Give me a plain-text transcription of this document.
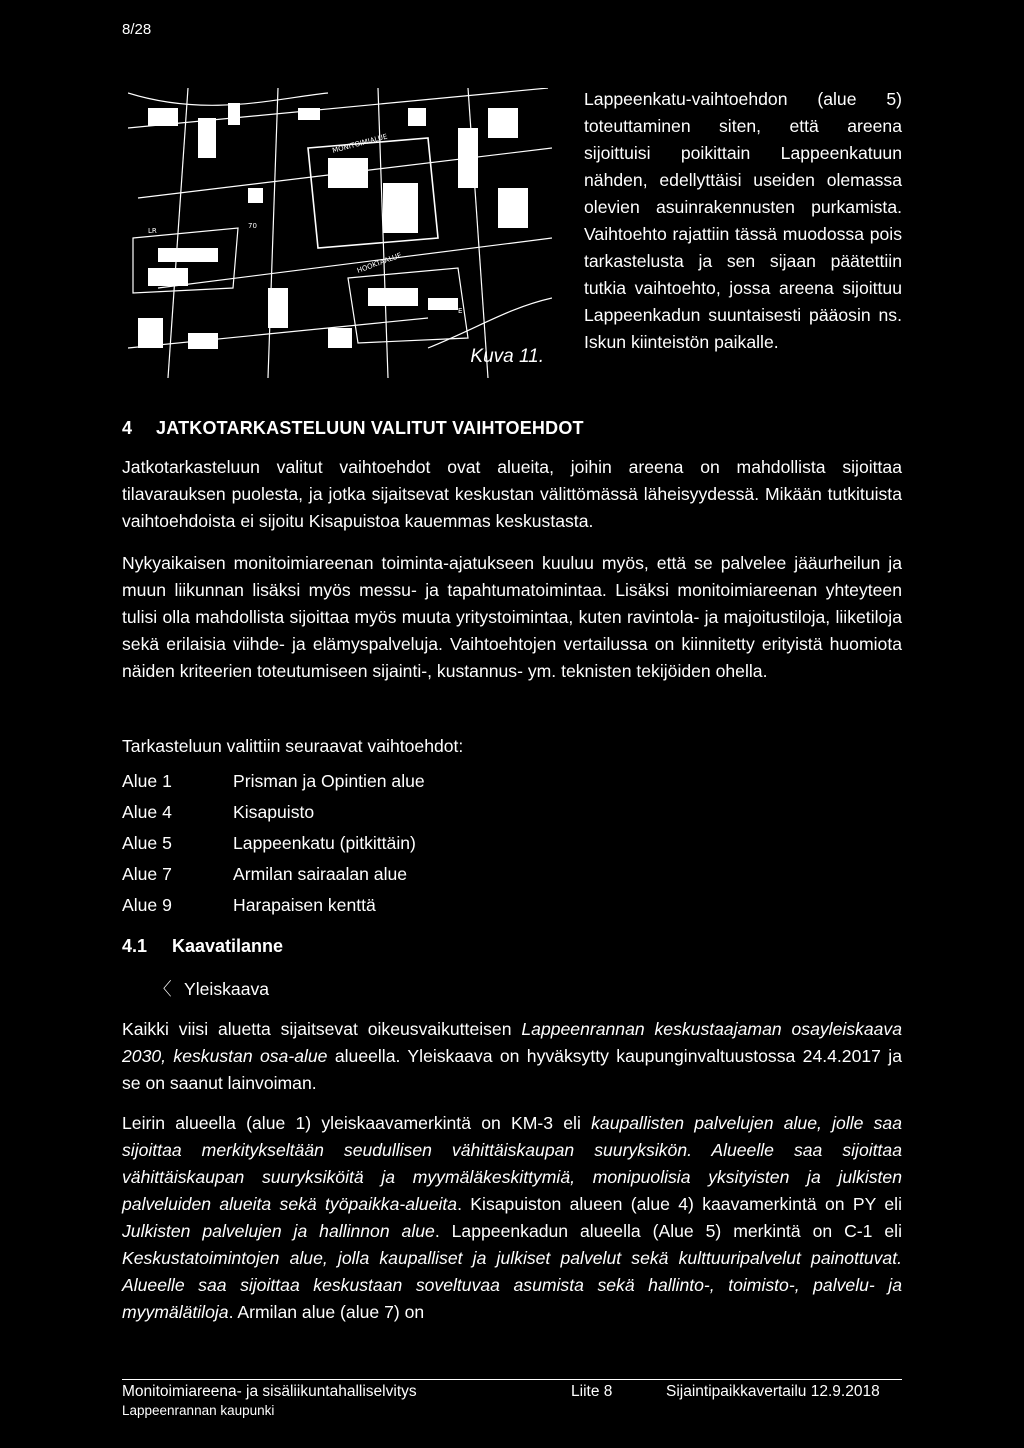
8/28
MONITOIMIALUE
HOOKTAALUE
70
LR
E
Kuva 11.
Lappeenkatu-vaihtoehdon (alue 5) toteuttaminen siten, että areena sijoittuisi poikittain Lappeenkatuun nähden, edellyttäisi useiden olemassa olevien asuinrakennusten purkamista. Vaihtoehto rajattiin tässä muodossa pois tarkastelusta ja sen sijaan päätettiin tutkia vaihtoehto, jossa areena sijoittuu Lappeenkadun suuntaisesti pääosin ns. Iskun kiinteistön paikalle.
4 JATKOTARKASTELUUN VALITUT VAIHTOEHDOT
Jatkotarkasteluun valitut vaihtoehdot ovat alueita, joihin areena on mahdollista sijoittaa tilavarauksen puolesta, ja jotka sijaitsevat keskustan välittömässä läheisyydessä. Mikään tutkituista vaihtoehdoista ei sijoitu Kisapuistoa kauemmas keskustasta.
Nykyaikaisen monitoimiareenan toiminta-ajatukseen kuuluu myös, että se palvelee jääurheilun ja muun liikunnan lisäksi myös messu- ja tapahtumatoimintaa. Lisäksi monitoimiareenan yhteyteen tulisi olla mahdollista sijoittaa myös muuta yritystoimintaa, kuten ravintola- ja majoitustiloja, liiketiloja sekä erilaisia viihde- ja elämyspalveluja. Vaihtoehtojen vertailussa on kiinnitetty erityistä huomiota näiden kriteerien toteutumiseen sijainti-, kustannus- ym. teknisten tekijöiden ohella.
Tarkasteluun valittiin seuraavat vaihtoehdot:
Alue 1	Prisman ja Opintien alue
Alue 4	Kisapuisto
Alue 5	Lappeenkatu (pitkittäin)
Alue 7	Armilan sairaalan alue
Alue 9	Harapaisen kenttä
4.1 Kaavatilanne
〈 Yleiskaava
Kaikki viisi aluetta sijaitsevat oikeusvaikutteisen Lappeenrannan keskustaajaman osayleiskaava 2030, keskustan osa-alue alueella. Yleiskaava on hyväksytty kaupunginvaltuustossa 24.4.2017 ja se on saanut lainvoiman.
Leirin alueella (alue 1) yleiskaavamerkintä on KM-3 eli kaupallisten palvelujen alue, jolle saa sijoittaa merkitykseltään seudullisen vähittäiskaupan suuryksikön. Alueelle saa sijoittaa vähittäiskaupan suuryksiköitä ja myymäläkeskittymiä, monipuolisia yksityisten ja julkisten palveluiden alueita sekä työpaikka-alueita. Kisapuiston alueen (alue 4) kaavamerkintä on PY eli Julkisten palvelujen ja hallinnon alue. Lappeenkadun alueella (Alue 5) merkintä on C-1 eli Keskustatoimintojen alue, jolla kaupalliset ja julkiset palvelut sekä kulttuuripalvelut painottuvat. Alueelle saa sijoittaa keskustaan soveltuvaa asumista sekä hallinto-, toimisto-, palvelu- ja myymälätiloja. Armilan alue (alue 7) on
Monitoimiareena- ja sisäliikuntahalliselvitys	Liite 8	Sijaintipaikkavertailu 12.9.2018
Lappeenrannan kaupunki
